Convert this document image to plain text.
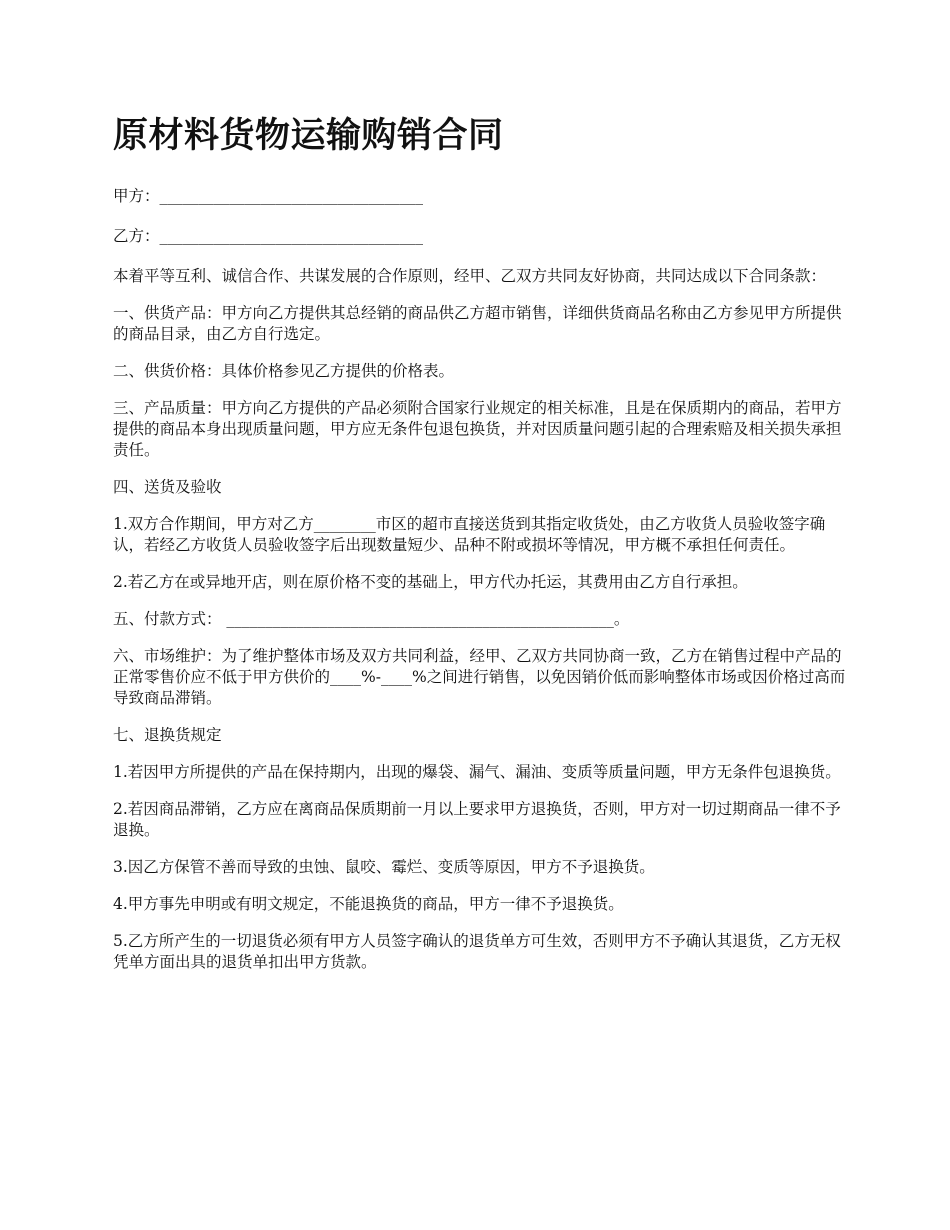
原材料货物运输购销合同

甲方：__________________________________

乙方：__________________________________

本着平等互利、诚信合作、共谋发展的合作原则，经甲、乙双方共同友好协商，共同达成以下合同条款：

一、供货产品：甲方向乙方提供其总经销的商品供乙方超市销售，详细供货商品名称由乙方参见甲方所提供的商品目录，由乙方自行选定。

二、供货价格：具体价格参见乙方提供的价格表。

三、产品质量：甲方向乙方提供的产品必须附合国家行业规定的相关标准，且是在保质期内的商品，若甲方提供的商品本身出现质量问题，甲方应无条件包退包换货，并对因质量问题引起的合理索赔及相关损失承担责任。

四、送货及验收

1.双方合作期间，甲方对乙方________市区的超市直接送货到其指定收货处，由乙方收货人员验收签字确认，若经乙方收货人员验收签字后出现数量短少、品种不附或损坏等情况，甲方概不承担任何责任。

2.若乙方在或异地开店，则在原价格不变的基础上，甲方代办托运，其费用由乙方自行承担。

五、付款方式： __________________________________________________。

六、市场维护：为了维护整体市场及双方共同利益，经甲、乙双方共同协商一致，乙方在销售过程中产品的正常零售价应不低于甲方供价的____%-____%之间进行销售，以免因销价低而影响整体市场或因价格过高而导致商品滞销。

七、退换货规定

1.若因甲方所提供的产品在保持期内，出现的爆袋、漏气、漏油、变质等质量问题，甲方无条件包退换货。

2.若因商品滞销，乙方应在离商品保质期前一月以上要求甲方退换货，否则，甲方对一切过期商品一律不予退换。

3.因乙方保管不善而导致的虫蚀、鼠咬、霉烂、变质等原因，甲方不予退换货。

4.甲方事先申明或有明文规定，不能退换货的商品，甲方一律不予退换货。

5.乙方所产生的一切退货必须有甲方人员签字确认的退货单方可生效，否则甲方不予确认其退货，乙方无权凭单方面出具的退货单扣出甲方货款。
